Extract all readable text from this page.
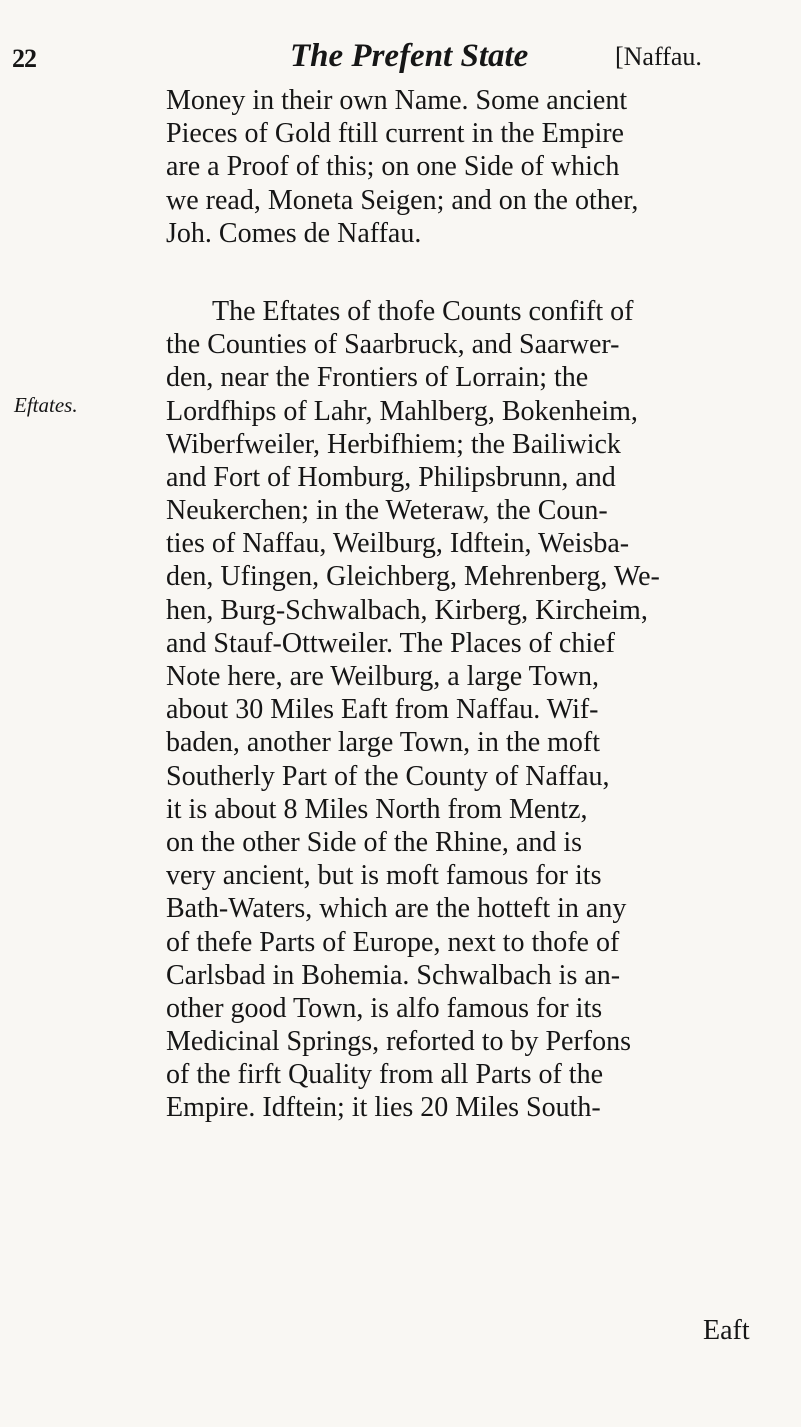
22	The Prefent State	[Naffau.
Eftates.
Money in their own Name. Some ancient
Pieces of Gold ftill current in the Empire
are a Proof of this; on one Side of which
we read, Moneta Seigen; and on the other,
Joh. Comes de Naffau.
The Eftates of thofe Counts confift of
the Counties of Saarbruck, and Saarwer-
den, near the Frontiers of Lorrain; the
Lordfhips of Lahr, Mahlberg, Bokenheim,
Wiberfweiler, Herbifhiem; the Bailiwick
and Fort of Homburg, Philipsbrunn, and
Neukerchen; in the Weteraw, the Coun-
ties of Naffau, Weilburg, Idftein, Weisba-
den, Ufingen, Gleichberg, Mehrenberg, We-
hen, Burg-Schwalbach, Kirberg, Kircheim,
and Stauf-Ottweiler. The Places of chief
Note here, are Weilburg, a large Town,
about 30 Miles Eaft from Naffau. Wif-
baden, another large Town, in the moft
Southerly Part of the County of Naffau,
it is about 8 Miles North from Mentz,
on the other Side of the Rhine, and is
very ancient, but is moft famous for its
Bath-Waters, which are the hotteft in any
of thefe Parts of Europe, next to thofe of
Carlsbad in Bohemia. Schwalbach is an-
other good Town, is alfo famous for its
Medicinal Springs, reforted to by Perfons
of the firft Quality from all Parts of the
Empire. Idftein; it lies 20 Miles South-
Eaft
